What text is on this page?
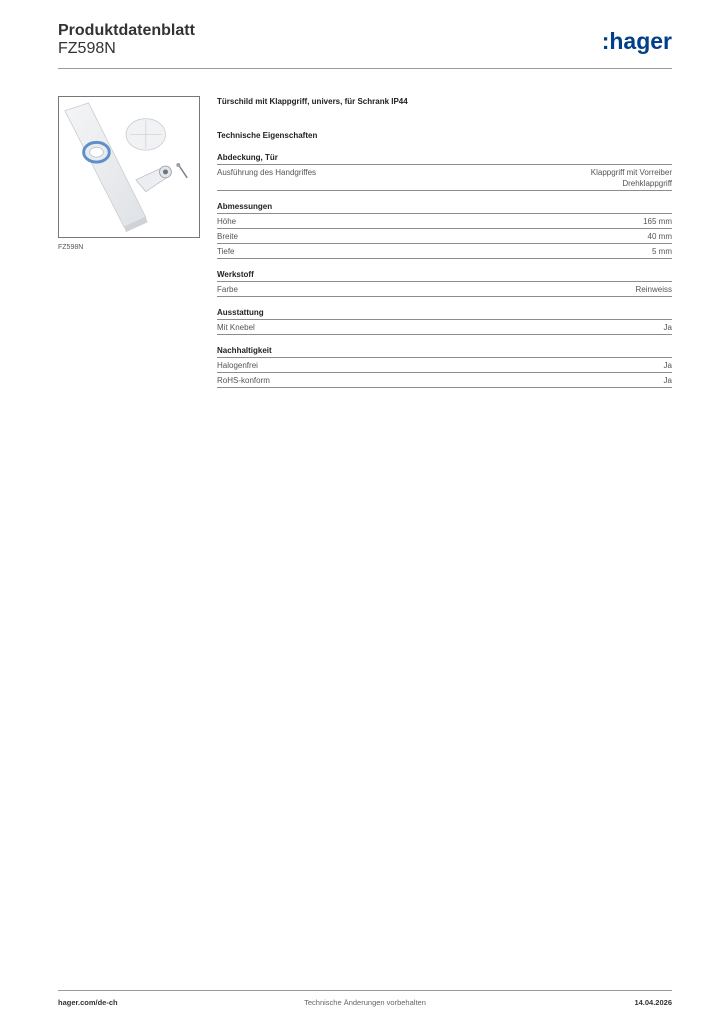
Produktdatenblatt
FZ598N	:hager
FZ598N
Türschild mit Klappgriff, univers, für Schrank IP44
Technische Eigenschaften
Abdeckung, Tür
Ausführung des Handgriffes	Klappgriff mit Vorreiber
Drehklappgriff
Abmessungen
Höhe	165 mm
Breite	40 mm
Tiefe	5 mm
Werkstoff
Farbe	Reinweiss
Ausstattung
Mit Knebel	Ja
Nachhaltigkeit
Halogenfrei	Ja
RoHS-konform	Ja
hager.com/de-ch	Technische Änderungen vorbehalten	14.04.2026
